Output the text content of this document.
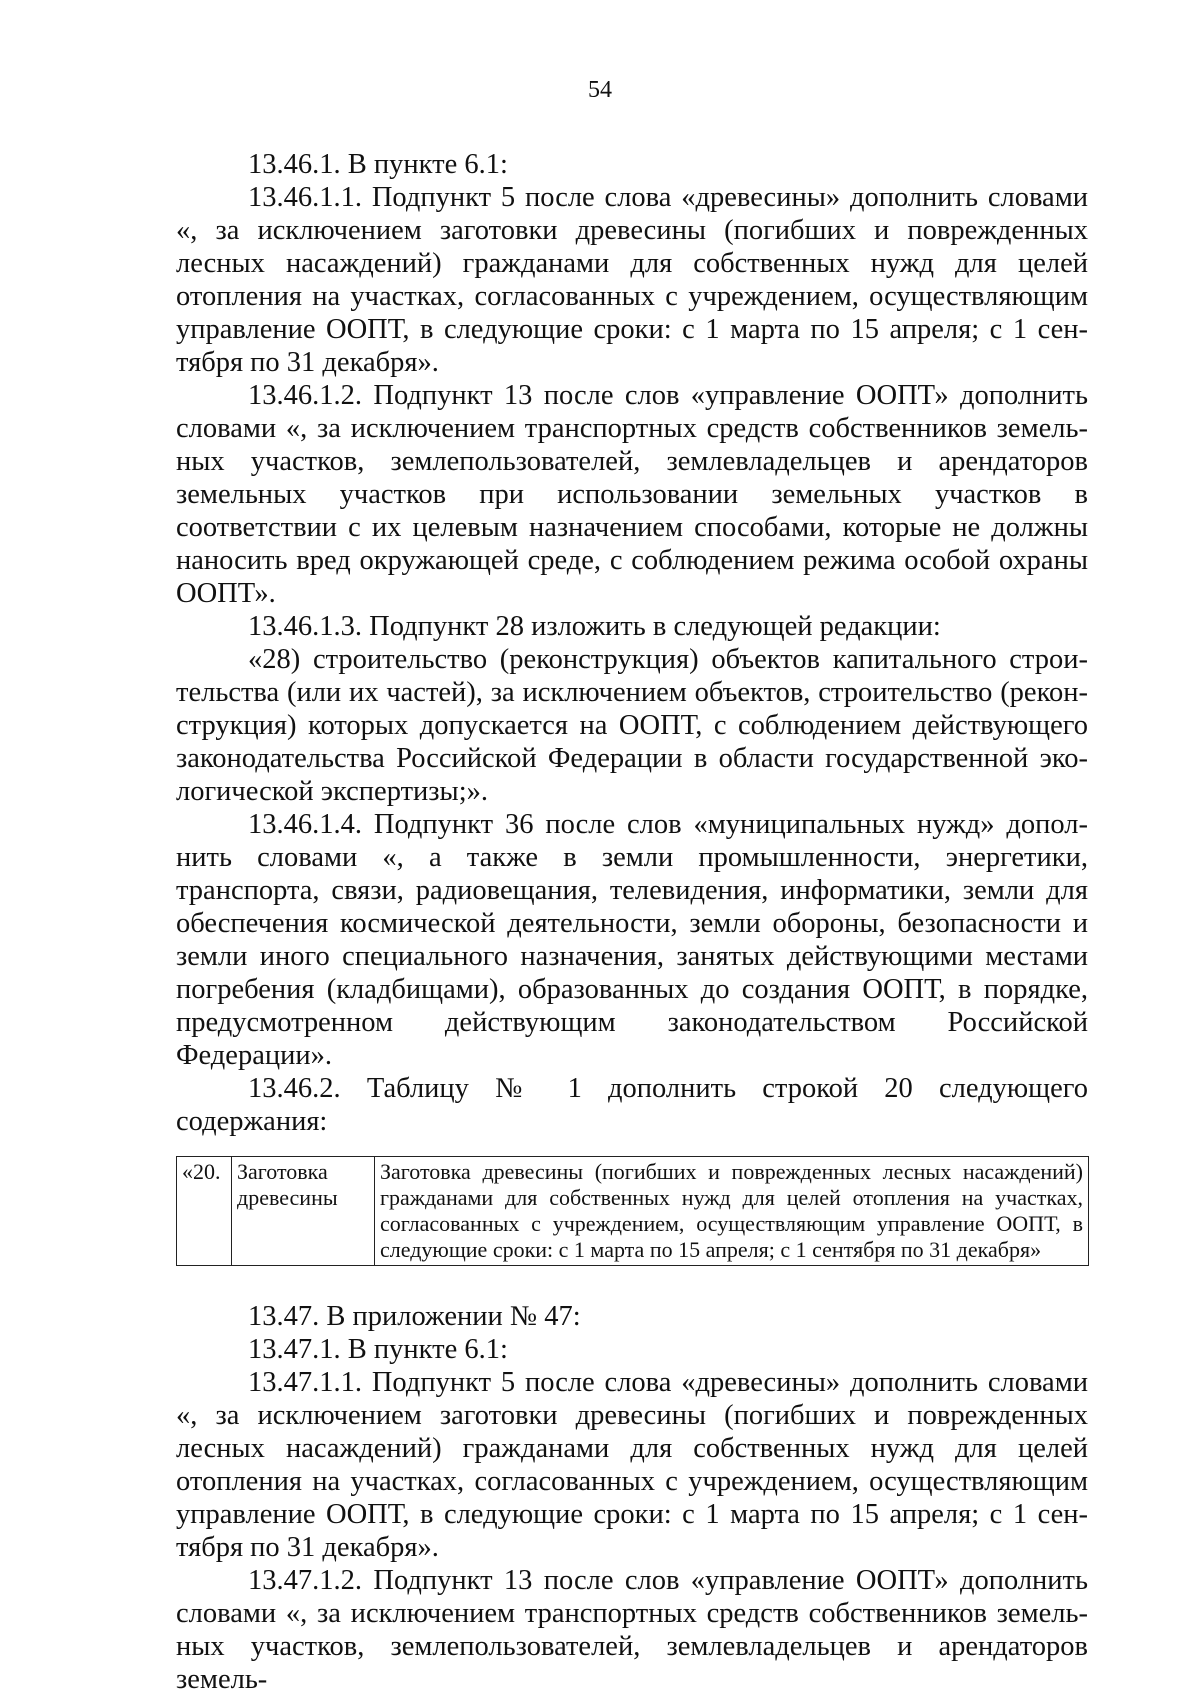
54

13.46.1. В пункте 6.1:

13.46.1.1. Подпункт 5 после слова «древесины» дополнить словами «, за исключением заготовки древесины (погибших и поврежденных лесных насаждений) гражданами для собственных нужд для целей отопления на участках, согласованных с учреждением, осуществляющим управление ООПТ, в следующие сроки: с 1 марта по 15 апреля; с 1 сентября по 31 декабря».

13.46.1.2. Подпункт 13 после слов «управление ООПТ» дополнить словами «, за исключением транспортных средств собственников земельных участков, землепользователей, землевладельцев и арендаторов земельных участков при использовании земельных участков в соответствии с их целевым назначением способами, которые не должны наносить вред окружающей среде, с соблюдением режима особой охраны ООПТ».

13.46.1.3. Подпункт 28 изложить в следующей редакции:

«28) строительство (реконструкция) объектов капитального строительства (или их частей), за исключением объектов, строительство (реконструкция) которых допускается на ООПТ, с соблюдением действующего законодательства Российской Федерации в области государственной экологической экспертизы;».

13.46.1.4. Подпункт 36 после слов «муниципальных нужд» дополнить словами «, а также в земли промышленности, энергетики, транспорта, связи, радиовещания, телевидения, информатики, земли для обеспечения космической деятельности, земли обороны, безопасности и земли иного специального назначения, занятых действующими местами погребения (кладбищами), образованных до создания ООПТ, в порядке, предусмотренном действующим законодательством Российской Федерации».

13.46.2. Таблицу № 1 дополнить строкой 20 следующего содержания:

«20.	Заготовка древесины	Заготовка древесины (погибших и поврежденных лесных насаждений) гражданами для собственных нужд для целей отопления на участках, согласованных с учреждением, осуществляющим управление ООПТ, в следующие сроки: с 1 марта по 15 апреля; с 1 сентября по 31 декабря»

13.47. В приложении № 47:

13.47.1. В пункте 6.1:

13.47.1.1. Подпункт 5 после слова «древесины» дополнить словами «, за исключением заготовки древесины (погибших и поврежденных лесных насаждений) гражданами для собственных нужд для целей отопления на участках, согласованных с учреждением, осуществляющим управление ООПТ, в следующие сроки: с 1 марта по 15 апреля; с 1 сентября по 31 декабря».

13.47.1.2. Подпункт 13 после слов «управление ООПТ» дополнить словами «, за исключением транспортных средств собственников земельных участков, землепользователей, землевладельцев и арендаторов земель-
